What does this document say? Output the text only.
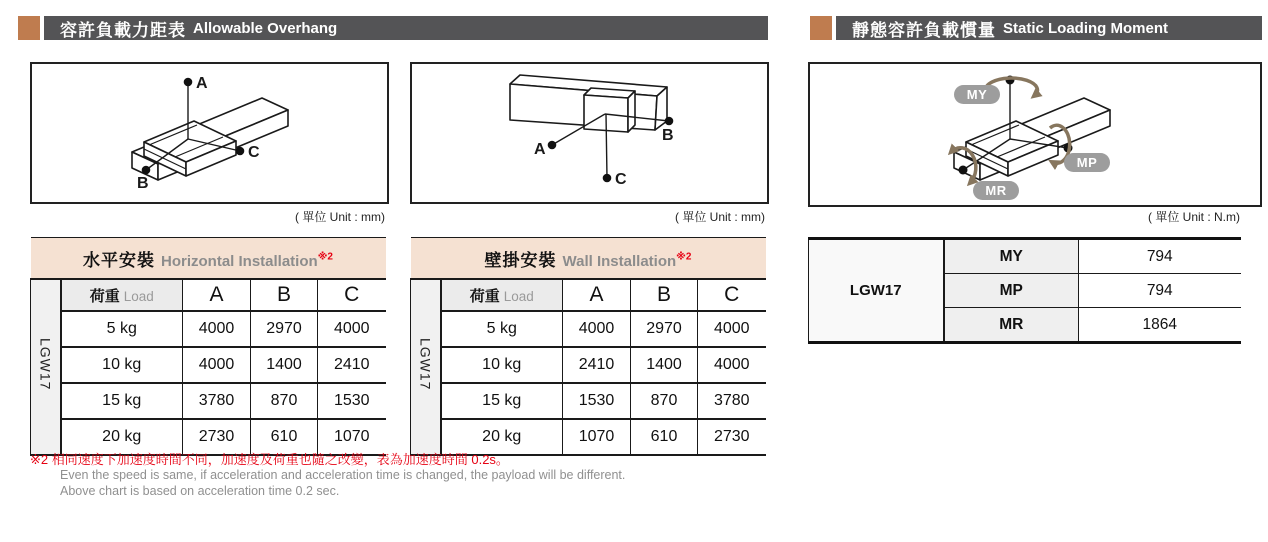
容許負載力距表 Allowable Overhang	靜態容許負載慣量 Static Loading Moment
A
C
B
A
B
C
MY
MP
MR
( 單位 Unit : mm)	( 單位 Unit : mm)	( 單位 Unit : N.m)
水平安裝 Horizontal Installation$^{※2}$
LGW17	荷重 Load	A	B	C
	5 kg	4000	2970	4000
	10 kg	4000	1400	2410
	15 kg	3780	870	1530
	20 kg	2730	610	1070
壁掛安裝 Wall Installation$^{※2}$
LGW17	荷重 Load	A	B	C
	5 kg	4000	2970	4000
	10 kg	2410	1400	4000
	15 kg	1530	870	3780
	20 kg	1070	610	2730
LGW17	MY	794
	MP	794
	MR	1864
※2 相同速度下加速度時間不同，加速度及荷重也隨之改變，表為加速度時間 0.2s。
Even the speed is same, if acceleration and acceleration time is changed, the payload will be different.
Above chart is based on acceleration time 0.2 sec.
